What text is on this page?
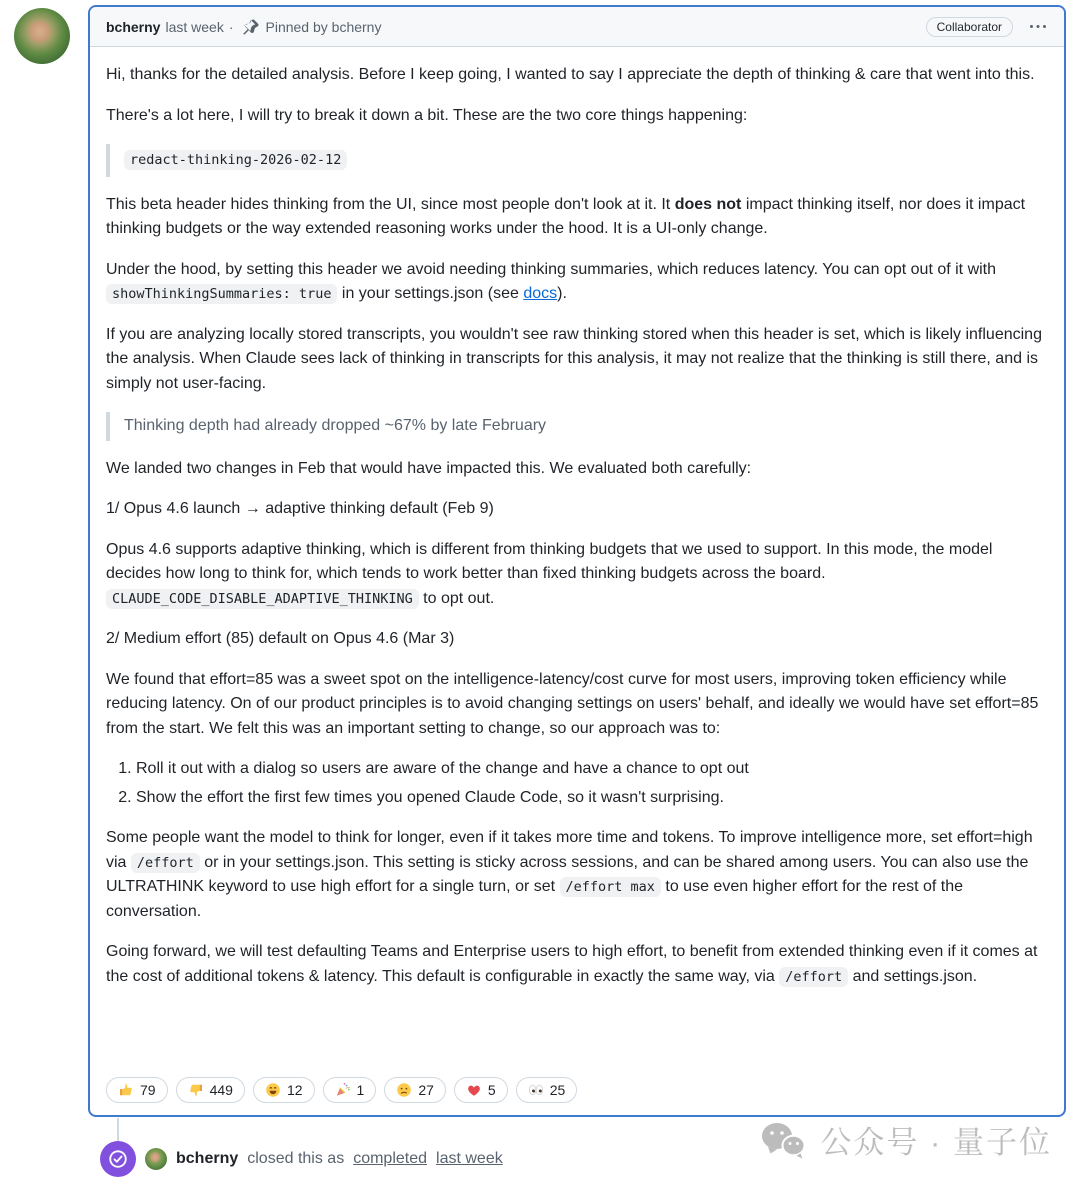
bcherny last week · Pinned by bcherny	Collaborator

Hi, thanks for the detailed analysis. Before I keep going, I wanted to say I appreciate the depth of thinking & care that went into this.

There's a lot here, I will try to break it down a bit. These are the two core things happening:

redact-thinking-2026-02-12

This beta header hides thinking from the UI, since most people don't look at it. It does not impact thinking itself, nor does it impact thinking budgets or the way extended reasoning works under the hood. It is a UI-only change.

Under the hood, by setting this header we avoid needing thinking summaries, which reduces latency. You can opt out of it with showThinkingSummaries: true in your settings.json (see docs).

If you are analyzing locally stored transcripts, you wouldn't see raw thinking stored when this header is set, which is likely influencing the analysis. When Claude sees lack of thinking in transcripts for this analysis, it may not realize that the thinking is still there, and is simply not user-facing.

Thinking depth had already dropped ~67% by late February

We landed two changes in Feb that would have impacted this. We evaluated both carefully:

1/ Opus 4.6 launch → adaptive thinking default (Feb 9)

Opus 4.6 supports adaptive thinking, which is different from thinking budgets that we used to support. In this mode, the model decides how long to think for, which tends to work better than fixed thinking budgets across the board. CLAUDE_CODE_DISABLE_ADAPTIVE_THINKING to opt out.

2/ Medium effort (85) default on Opus 4.6 (Mar 3)

We found that effort=85 was a sweet spot on the intelligence-latency/cost curve for most users, improving token efficiency while reducing latency. On of our product principles is to avoid changing settings on users' behalf, and ideally we would have set effort=85 from the start. We felt this was an important setting to change, so our approach was to:

1. Roll it out with a dialog so users are aware of the change and have a chance to opt out
2. Show the effort the first few times you opened Claude Code, so it wasn't surprising.

Some people want the model to think for longer, even if it takes more time and tokens. To improve intelligence more, set effort=high via /effort or in your settings.json. This setting is sticky across sessions, and can be shared among users. You can also use the ULTRATHINK keyword to use high effort for a single turn, or set /effort max to use even higher effort for the rest of the conversation.

Going forward, we will test defaulting Teams and Enterprise users to high effort, to benefit from extended thinking even if it comes at the cost of additional tokens & latency. This default is configurable in exactly the same way, via /effort and settings.json.

79	449	12	1	27	5	25
bcherny closed this as completed last week	公众号 · 量子位
